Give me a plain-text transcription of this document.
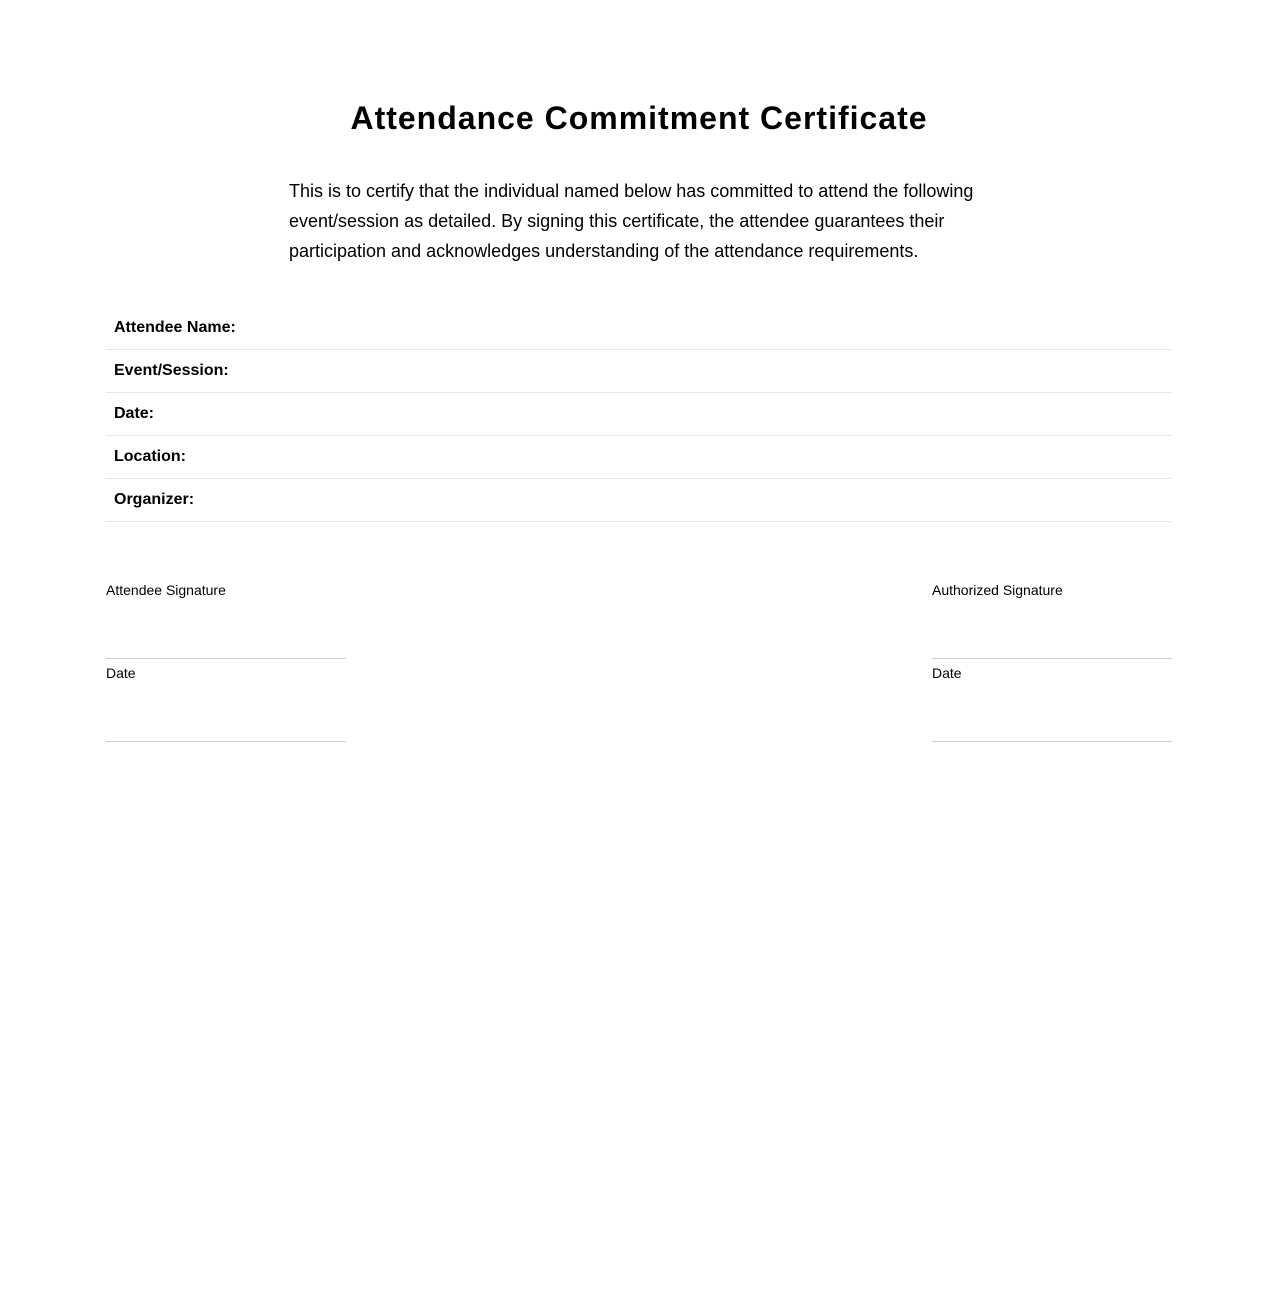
Attendance Commitment Certificate

This is to certify that the individual named below has committed to attend the following event/session as detailed. By signing this certificate, the attendee guarantees their participation and acknowledges understanding of the attendance requirements.

Attendee Name:
Event/Session:
Date:
Location:
Organizer:
Attendee Signature
Date
Authorized Signature
Date
